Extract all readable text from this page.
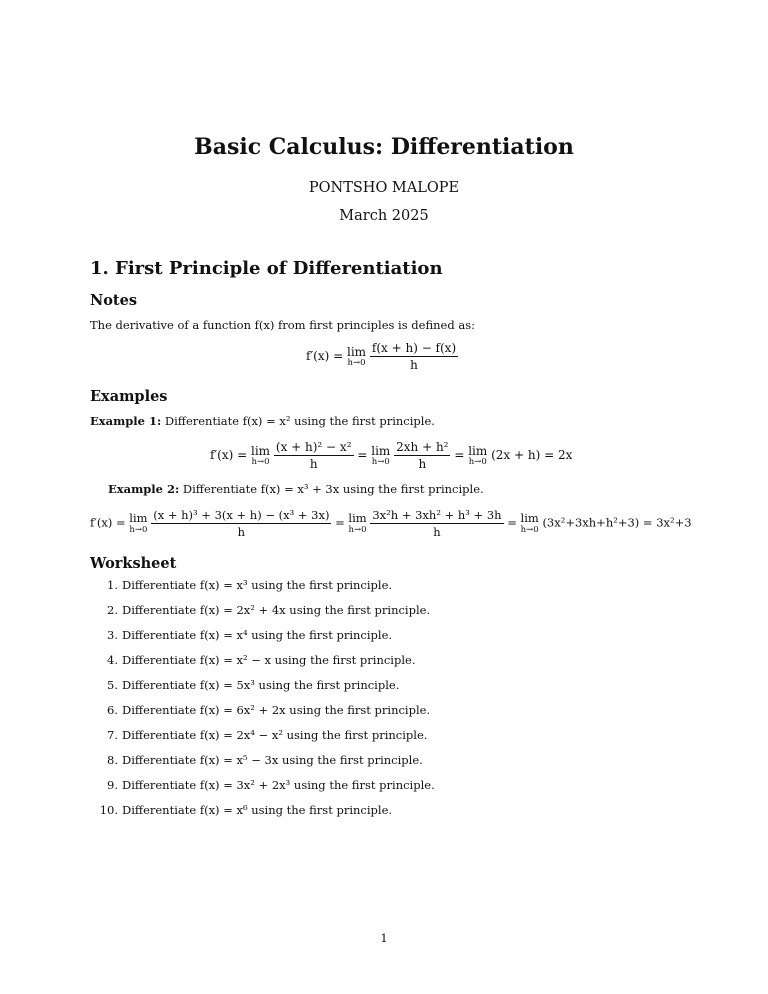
Basic Calculus: Differentiation
PONTSHO MALOPE
March 2025
1. First Principle of Differentiation
Notes
The derivative of a function f(x) from first principles is defined as:
f′(x) = lim
h→0
$\frac{f(x + h) - f(x)}{h}$
Examples
Example 1: Differentiate f(x) = x² using the first principle.
f′(x) = lim
h→0
$\frac{\text{(x + h)² − x²}}{h} = \lim$
h→0
$\frac{\text{2xh + h²}}{h} = \lim$
h→0 (2x + h) = 2x
Example 2: Differentiate f(x) = x³ + 3x using the first principle.
f′(x) = lim
h→0
$\frac{\text{(x + h)³ + 3(x + h) − (x³ + 3x)}}{h} = \lim$
h→0
$\frac{\text{3x²h + 3xh² + h³ + 3h}}{h} = \lim$
h→0 (3x²+3xh+h²+3) = 3x²+3
Worksheet
1. Differentiate f(x) = x³ using the first principle.
2. Differentiate f(x) = 2x² + 4x using the first principle.
3. Differentiate f(x) = x⁴ using the first principle.
4. Differentiate f(x) = x² − x using the first principle.
5. Differentiate f(x) = 5x³ using the first principle.
6. Differentiate f(x) = 6x² + 2x using the first principle.
7. Differentiate f(x) = 2x⁴ − x² using the first principle.
8. Differentiate f(x) = x⁵ − 3x using the first principle.
9. Differentiate f(x) = 3x² + 2x³ using the first principle.
10. Differentiate f(x) = x⁶ using the first principle.
1
